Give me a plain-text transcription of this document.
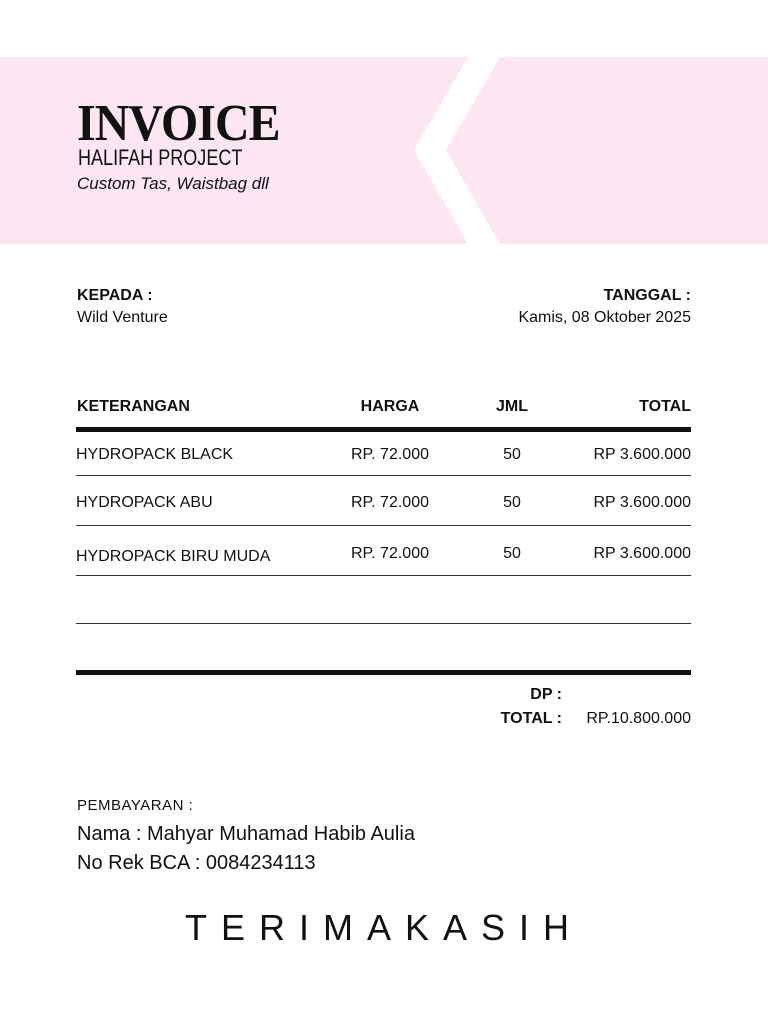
INVOICE
HALIFAH PROJECT
Custom Tas, Waistbag dll
KEPADA :
Wild Venture
TANGGAL :
Kamis, 08 Oktober 2025
KETERANGAN	HARGA	JML	TOTAL
HYDROPACK BLACK	RP. 72.000	50	RP 3.600.000
HYDROPACK ABU	RP. 72.000	50	RP 3.600.000
HYDROPACK BIRU MUDA	RP. 72.000	50	RP 3.600.000
DP :
TOTAL : RP.10.800.000
PEMBAYARAN :
Nama : Mahyar Muhamad Habib Aulia
No Rek BCA : 0084234113
TERIMAKASIH
